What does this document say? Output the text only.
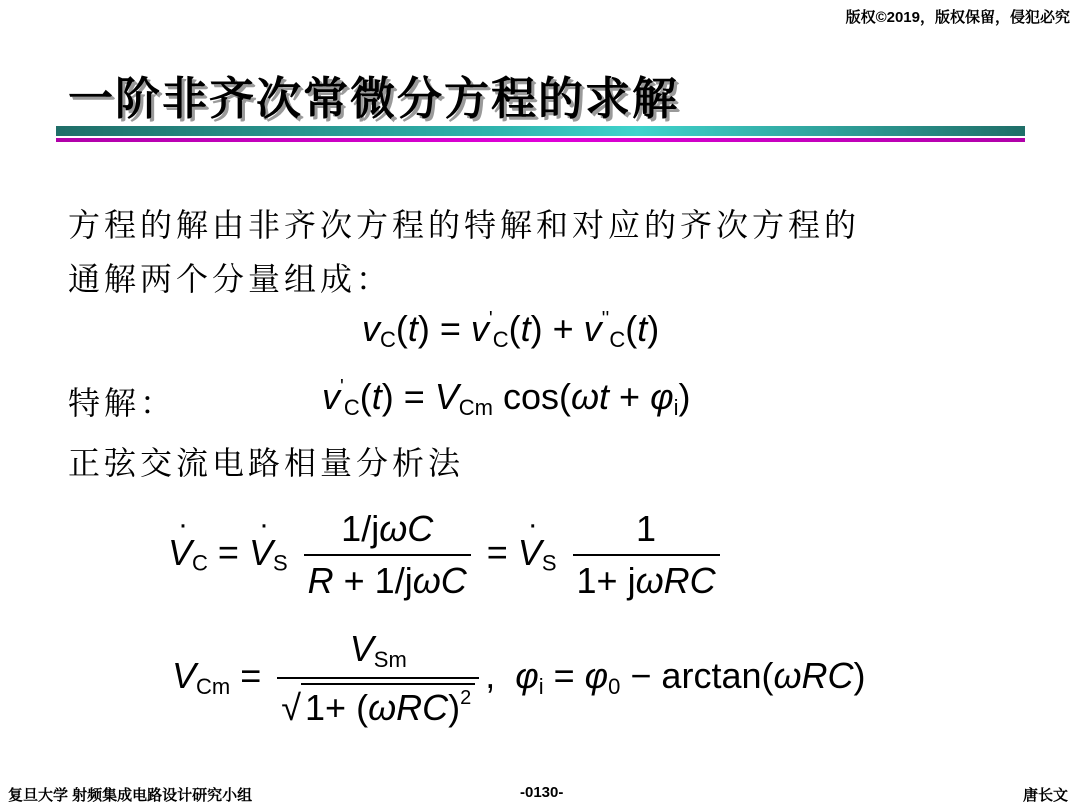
版权©2019，版权保留，侵犯必究
一阶非齐次常微分方程的求解
方程的解由非齐次方程的特解和对应的齐次方程的
通解两个分量组成：
$v_C(t) = v'_C(t) + v''_C(t)$
特解：	$v'_C(t) = V_{Cm}$ $\cos(\omega t + \varphi_i)$
正弦交流电路相量分析法
· $V_C$ = · $V_S \frac{\text{1/jωC}}{\text{R + 1/jωC}}$ = · $V_S \frac{1}{\text{1+ jωRC}}$
$V_{Cm} = \frac{V_{Sm}}{√ 1+ (\omega RC)^2}$ ,  $\varphi_i = \varphi_0 - \arctan(\omega RC)$
复旦大学 射频集成电路设计研究小组	-0130-	唐长文
